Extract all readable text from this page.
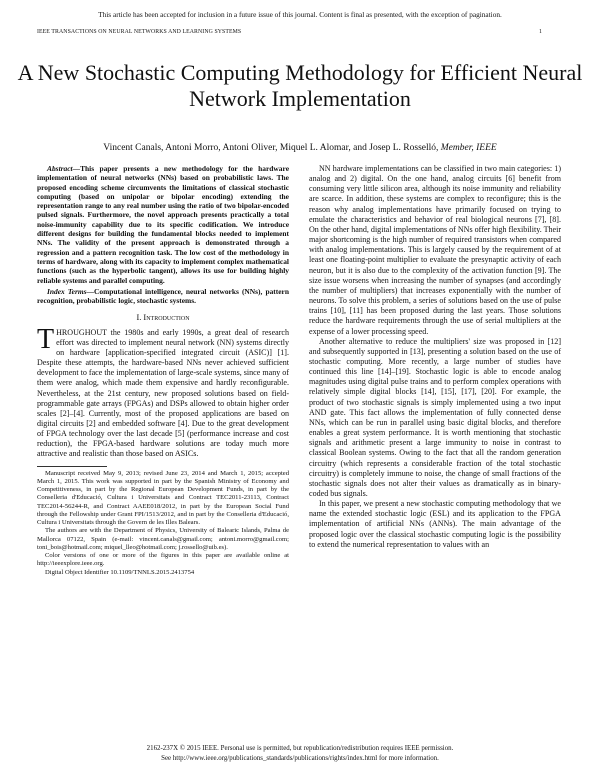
This article has been accepted for inclusion in a future issue of this journal. Content is final as presented, with the exception of pagination.
IEEE TRANSACTIONS ON NEURAL NETWORKS AND LEARNING SYSTEMS	1
A New Stochastic Computing Methodology for Efficient Neural Network Implementation
Vincent Canals, Antoni Morro, Antoni Oliver, Miquel L. Alomar, and Josep L. Rosselló, Member, IEEE

Abstract—This paper presents a new methodology for the hardware implementation of neural networks (NNs) based on probabilistic laws. The proposed encoding scheme circumvents the limitations of classical stochastic computing (based on unipolar or bipolar encoding) extending the representation range to any real number using the ratio of two bipolar-encoded pulsed signals. Furthermore, the novel approach presents practically a total noise-immunity capability due to its specific codification. We introduce different designs for building the fundamental blocks needed to implement NNs. The validity of the present approach is demonstrated through a regression and a pattern recognition task. The low cost of the methodology in terms of hardware, along with its capacity to implement complex mathematical functions (such as the hyperbolic tangent), allows its use for building highly reliable systems and parallel computing.

Index Terms—Computational intelligence, neural networks (NNs), pattern recognition, probabilistic logic, stochastic systems.

I. Introduction

THROUGHOUT the 1980s and early 1990s, a great deal of research effort was directed to implement neural network (NN) systems directly on hardware [application-specified integrated circuit (ASIC)] [1]. Despite these attempts, the hardware-based NNs never achieved sufficient development to face the implementation of large-scale systems, since many of them were analog, which made them expensive and hardly reconfigurable. Nevertheless, at the 21st century, new proposed solutions based on field-programmable gate arrays (FPGAs) and DSPs allowed to obtain higher order scales [2]–[4]. Currently, most of the proposed applications are based on digital circuits [2] and embedded software [4]. Due to the great development of FPGA technology over the last decade [5] (performance increase and cost reduction), the FPGA-based hardware solutions are today much more attractive and realistic than those based on ASICs.

Manuscript received May 9, 2013; revised June 23, 2014 and March 1, 2015; accepted March 1, 2015. This work was supported in part by the Spanish Ministry of Economy and Competitiveness, in part by the Regional European Development Funds, in part by the Conselleria d'Educació, Cultura i Universitats and Contract TEC2011-23113, Contract TEC2014-56244-R, and Contract AAEE018/2012, in part by the European Social Fund through the Fellowship under Grant FPI/1513/2012, and in part by the Conselleria d'Educació, Cultura i Universitats through the Govern de les Illes Balears.

The authors are with the Department of Physics, University of Balearic Islands, Palma de Mallorca 07122, Spain (e-mail: vincent.canals@gmail.com; antoni.morro@gmail.com; toni_bois@hotmail.com; miquel_lleo@hotmail.com; j.rossello@uib.es).

Color versions of one or more of the figures in this paper are available online at http://ieeexplore.ieee.org.

Digital Object Identifier 10.1109/TNNLS.2015.2413754

NN hardware implementations can be classified in two main categories: 1) analog and 2) digital. On the one hand, analog circuits [6] benefit from consuming very little silicon area, although its noise immunity and reliability are scarce. In addition, these systems are complex to reconfigure; this is the reason why analog implementations have primarily focused on trying to emulate the characteristics and behavior of real biological neurons [7], [8]. On the other hand, digital implementations of NNs offer high flexibility. Their major shortcoming is the high number of required transistors when compared with analog implementations. This is largely caused by the requirement of at least one floating-point multiplier to evaluate the presynaptic activity of each neuron, but it is also due to the complexity of the activation function [9]. The size issue worsens when increasing the number of synapses (and accordingly the number of multipliers) that increases exponentially with the number of neurons. To solve this problem, a series of solutions based on the use of pulse trains [10], [11] has been proposed during the last years. Those solutions reduce the hardware requirements through the use of serial multipliers at the expense of a lower processing speed.

Another alternative to reduce the multipliers' size was proposed in [12] and subsequently supported in [13], presenting a solution based on the use of stochastic computing. More recently, a large number of studies have continued this line [14]–[19]. Stochastic logic is able to encode analog magnitudes using digital pulse trains and to perform complex operations with relatively simple digital blocks [14], [15], [17], [20]. For example, the product of two stochastic signals is simply implemented using a two input AND gate. This fact allows the implementation of fully connected dense NNs, which can be run in parallel using basic digital blocks, and therefore enables a great system performance. It is worth mentioning that stochastic signals and arithmetic present a large immunity to noise in contrast to classical Boolean systems. Owing to the fact that all the random generation circuitry (which represents a considerable fraction of the total stochastic circuitry) is completely immune to noise, the change of small fractions of the stochastic signals does not alter their values as dramatically as in binary-coded bus signals.

In this paper, we present a new stochastic computing methodology that we name the extended stochastic logic (ESL) and its application to the FPGA implementation of artificial NNs (ANNs). The main advantage of the proposed logic over the classical stochastic computing logic is the possibility to extend the numerical representation to values with an

2162-237X © 2015 IEEE. Personal use is permitted, but republication/redistribution requires IEEE permission.
See http://www.ieee.org/publications_standards/publications/rights/index.html for more information.
